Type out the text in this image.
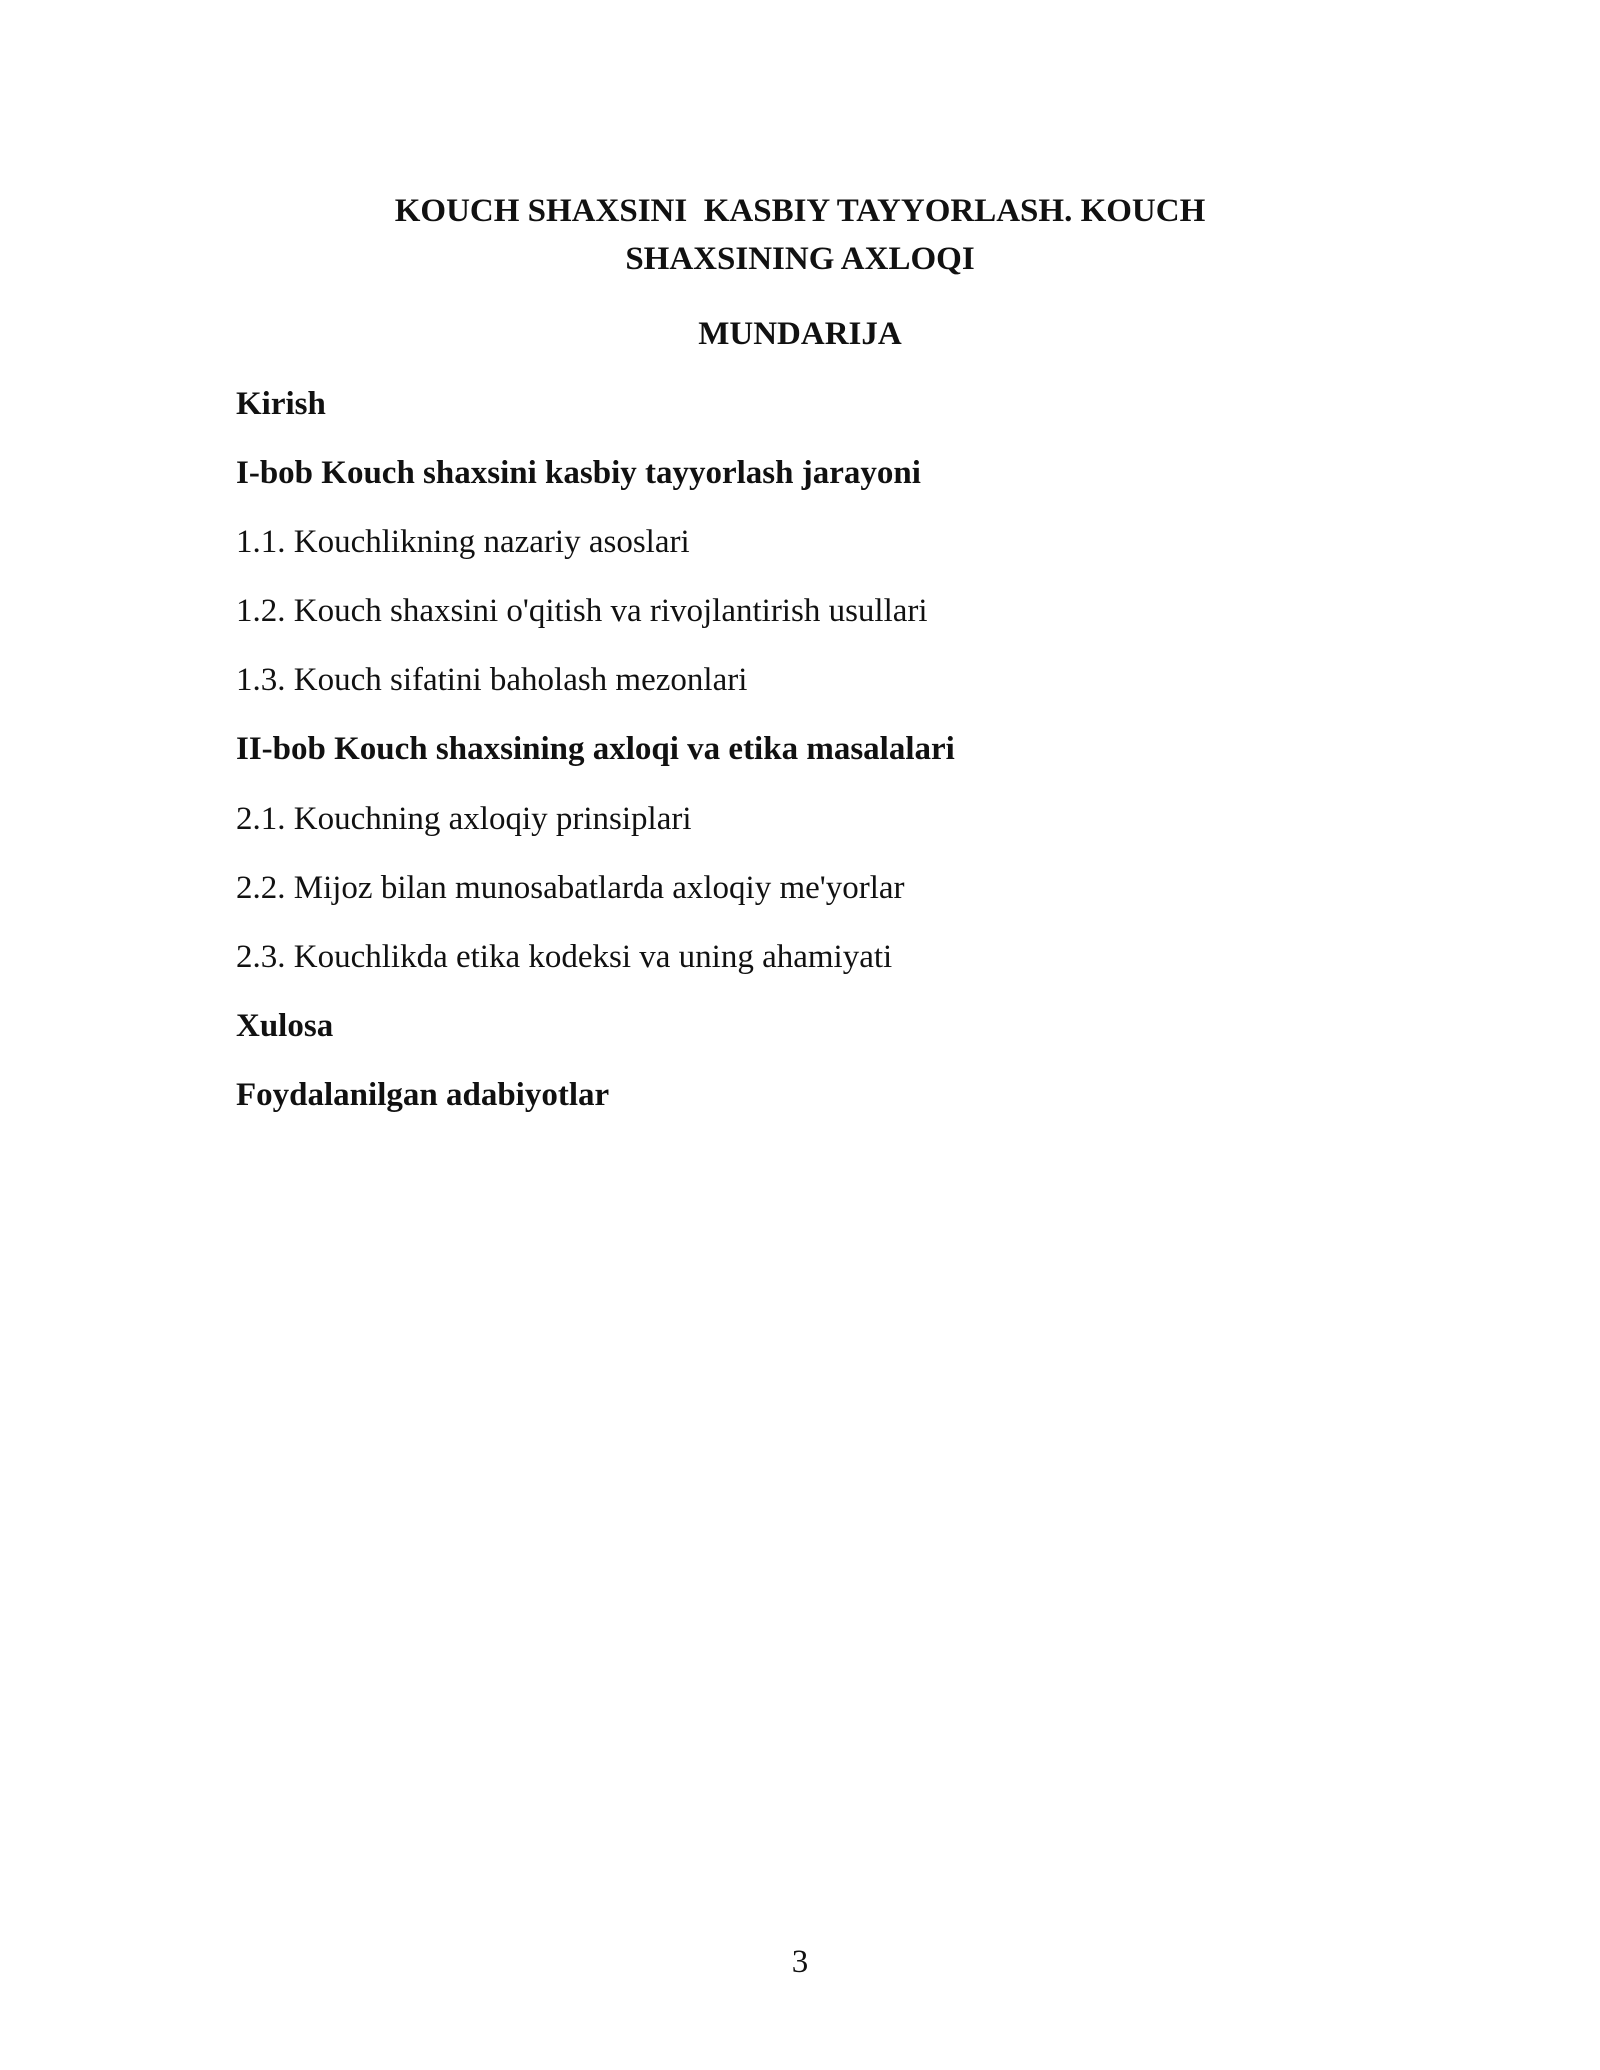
KOUCH SHAXSINI  KASBIY TAYYORLASH. KOUCH
SHAXSINING AXLOQI
MUNDARIJA
Kirish
I-bob Kouch shaxsini kasbiy tayyorlash jarayoni
1.1. Kouchlikning nazariy asoslari
1.2. Kouch shaxsini o'qitish va rivojlantirish usullari
1.3. Kouch sifatini baholash mezonlari
II-bob Kouch shaxsining axloqi va etika masalalari
2.1. Kouchning axloqiy prinsiplari
2.2. Mijoz bilan munosabatlarda axloqiy me'yorlar
2.3. Kouchlikda etika kodeksi va uning ahamiyati
Xulosa
Foydalanilgan adabiyotlar
3
